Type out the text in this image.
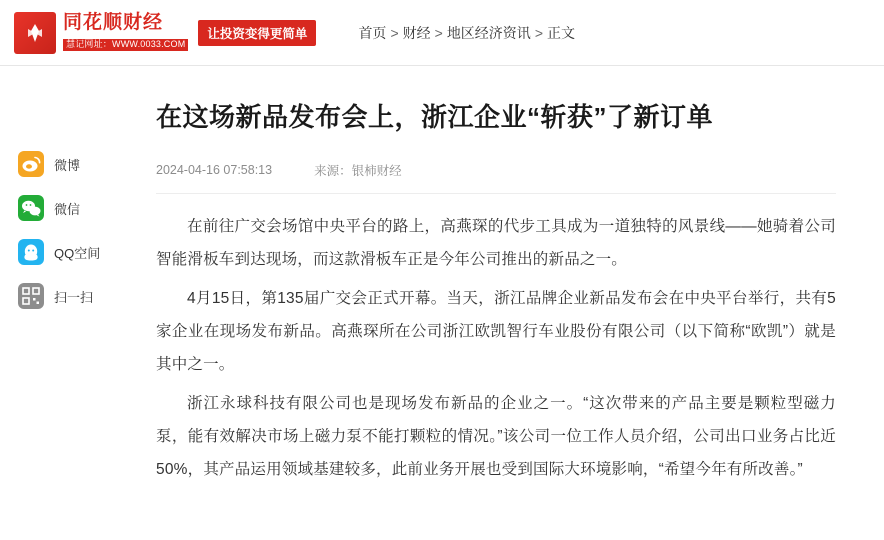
同花顺财经
慧记网址：WWW.0033.COM
让投资变得更简单	首页 > 财经 > 地区经济资讯 > 正文
微博
微信
QQ空间
扫一扫
在这场新品发布会上，浙江企业“斩获”了新订单
2024-04-16 07:58:13	来源：银柿财经

在前往广交会场馆中央平台的路上，高燕琛的代步工具成为一道独特的风景线——她骑着公司智能滑板车到达现场，而这款滑板车正是今年公司推出的新品之一。

4月15日，第135届广交会正式开幕。当天，浙江品牌企业新品发布会在中央平台举行，共有5家企业在现场发布新品。高燕琛所在公司浙江欧凯智行车业股份有限公司（以下简称“欧凯”）就是其中之一。

浙江永球科技有限公司也是现场发布新品的企业之一。“这次带来的产品主要是颗粒型磁力泵，能有效解决市场上磁力泵不能打颗粒的情况。”该公司一位工作人员介绍，公司出口业务占比近50%，其产品运用领域基建较多，此前业务开展也受到国际大环境影响，“希望今年有所改善。”
